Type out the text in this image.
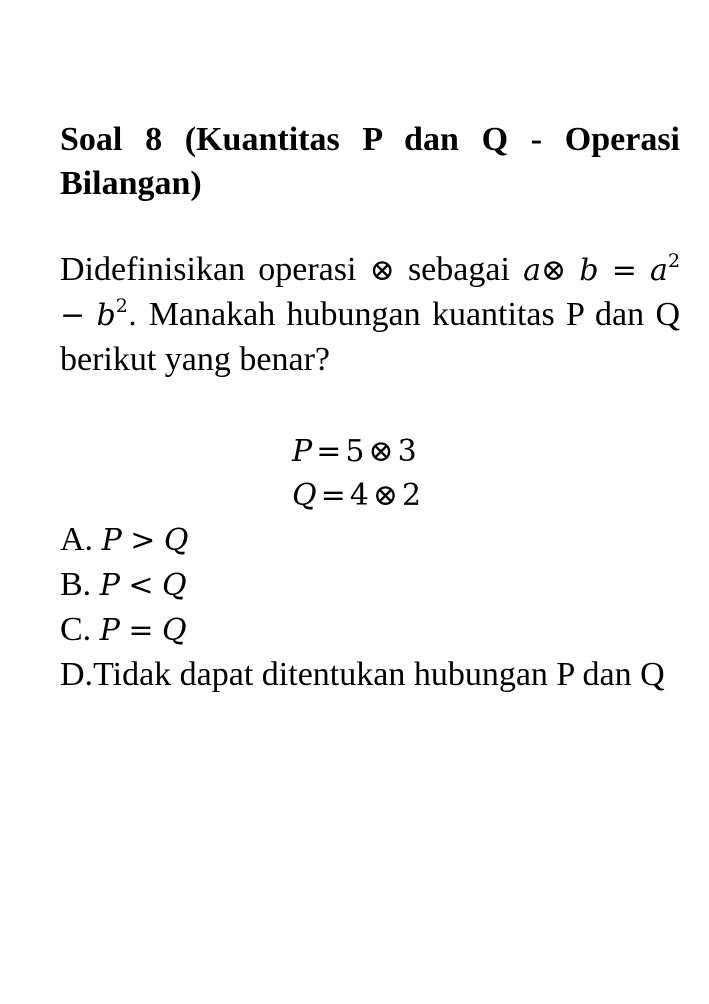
Soal 8 (Kuantitas P dan Q - Operasi Bilangan)

Didefinisikan operasi ⊗ sebagai a⊗ $b = a^2 - b^2$. Manakah hubungan kuantitas P dan Q berikut yang benar?

P = 5 ⊗ 3
Q = 4 ⊗ 2
A. P > Q
B. P < Q
C. P = Q
D.Tidak dapat ditentukan hubungan P dan Q
